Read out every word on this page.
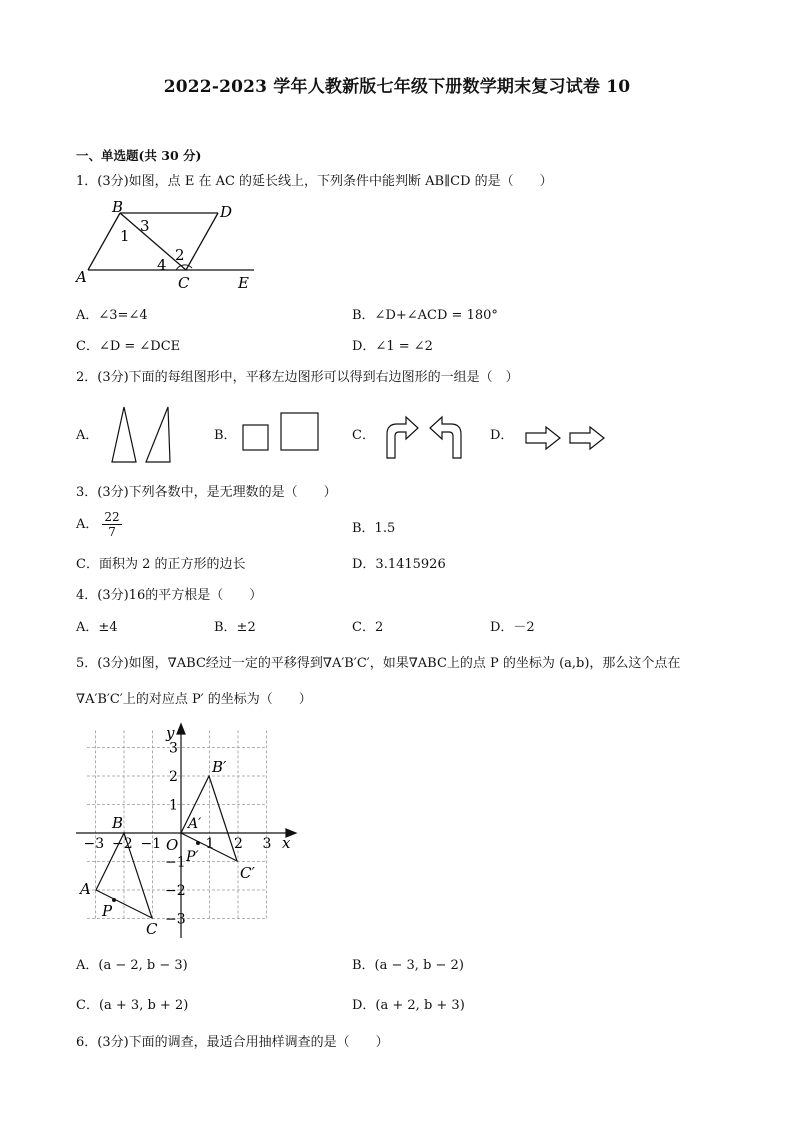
2022-2023 学年人教新版七年级下册数学期末复习试卷 10
一、单选题(共 30 分)
1．(3分)如图，点 E 在 AC 的延长线上，下列条件中能判断 AB∥CD 的是（　　）
B	D
A	C	E
1
3
2
4
A．∠3=∠4	B．∠D+∠ACD = 180°
C．∠D = ∠DCE	D．∠1 = ∠2
2．(3分)下面的每组图形中，平移左边图形可以得到右边图形的一组是（　）
A．	B．	C．	D．
3．(3分)下列各数中，是无理数的是（　　）
A． $\frac{22}{7}$	B．1.5
C．面积为 2 的正方形的边长	D．3.1415926
4．(3分)16的平方根是（　　）
A．±4	B．±2	C．2	D．－2
5．(3分)如图，∇ABC经过一定的平移得到∇A′B′C′，如果∇ABC上的点 P 的坐标为 (a,b)，那么这个点在
∇A′B′C′上的对应点 P′ 的坐标为（　　）
x
y
O
−3 −2 −1	1 2 3
3
2
1
−1
−2
−3
A
B
C
P
A′
B′
C′
P′
A．(a − 2, b − 3)	B．(a − 3, b − 2)
C．(a + 3, b + 2)	D．(a + 2, b + 3)
6．(3分)下面的调查，最适合用抽样调查的是（　　）
